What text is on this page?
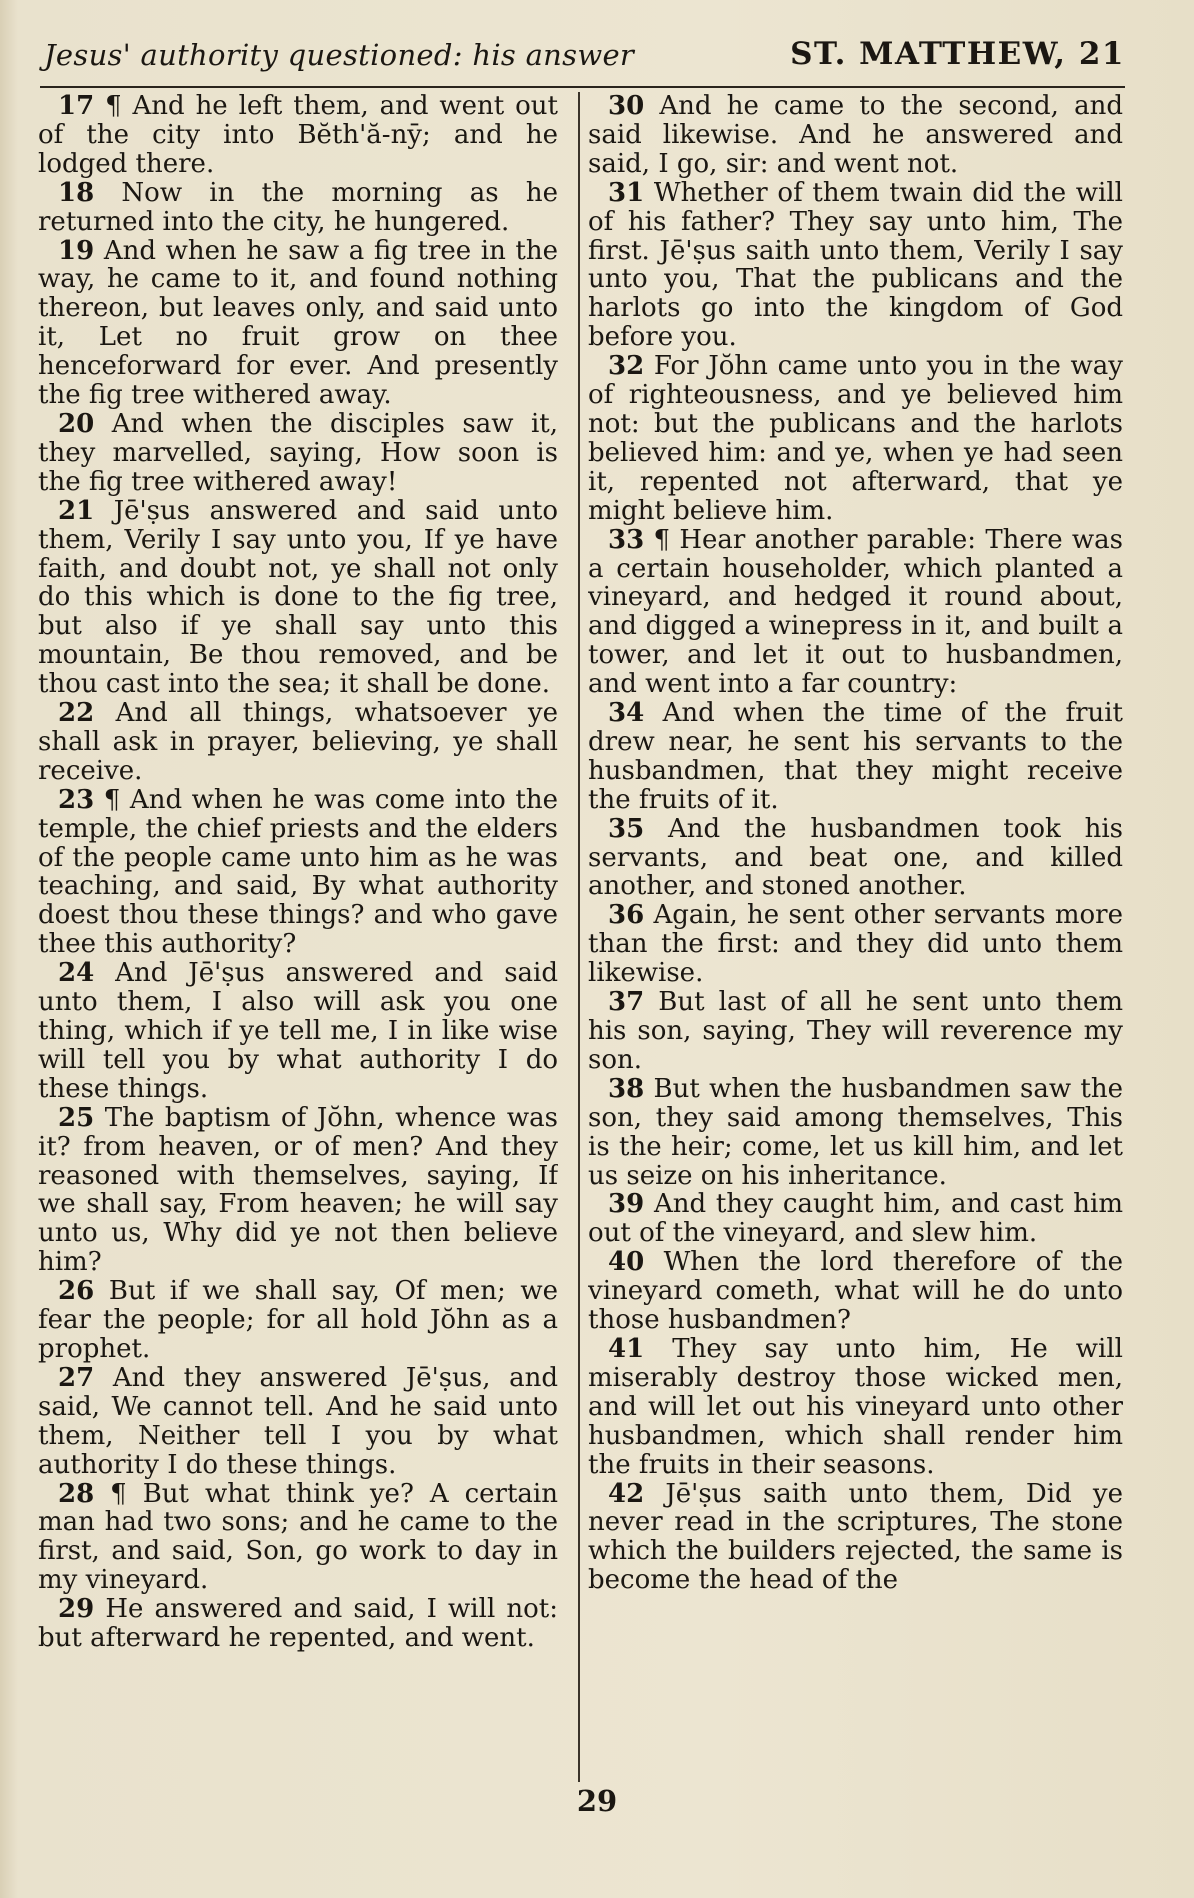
Jesus' authority questioned: his answer	ST. MATTHEW, 21

17 ¶ And he left them, and went out of the city into Bĕth'ă-nȳ; and he lodged there.

18 Now in the morning as he returned into the city, he hungered.

19 And when he saw a fig tree in the way, he came to it, and found nothing thereon, but leaves only, and said unto it, Let no fruit grow on thee henceforward for ever. And presently the fig tree withered away.

20 And when the disciples saw it, they marvelled, saying, How soon is the fig tree withered away!

21 Jē'ṣus answered and said unto them, Verily I say unto you, If ye have faith, and doubt not, ye shall not only do this which is done to the fig tree, but also if ye shall say unto this mountain, Be thou removed, and be thou cast into the sea; it shall be done.

22 And all things, whatsoever ye shall ask in prayer, believing, ye shall receive.

23 ¶ And when he was come into the temple, the chief priests and the elders of the people came unto him as he was teaching, and said, By what authority doest thou these things? and who gave thee this authority?

24 And Jē'ṣus answered and said unto them, I also will ask you one thing, which if ye tell me, I in like wise will tell you by what authority I do these things.

25 The baptism of Jŏhn, whence was it? from heaven, or of men? And they reasoned with themselves, saying, If we shall say, From heaven; he will say unto us, Why did ye not then believe him?

26 But if we shall say, Of men; we fear the people; for all hold Jŏhn as a prophet.

27 And they answered Jē'ṣus, and said, We cannot tell. And he said unto them, Neither tell I you by what authority I do these things.

28 ¶ But what think ye? A certain man had two sons; and he came to the first, and said, Son, go work to day in my vineyard.

29 He answered and said, I will not: but afterward he repented, and went.

30 And he came to the second, and said likewise. And he answered and said, I go, sir: and went not.

31 Whether of them twain did the will of his father? They say unto him, The first. Jē'ṣus saith unto them, Verily I say unto you, That the publicans and the harlots go into the kingdom of God before you.

32 For Jŏhn came unto you in the way of righteousness, and ye believed him not: but the publicans and the harlots believed him: and ye, when ye had seen it, repented not afterward, that ye might believe him.

33 ¶ Hear another parable: There was a certain householder, which planted a vineyard, and hedged it round about, and digged a winepress in it, and built a tower, and let it out to husbandmen, and went into a far country:

34 And when the time of the fruit drew near, he sent his servants to the husbandmen, that they might receive the fruits of it.

35 And the husbandmen took his servants, and beat one, and killed another, and stoned another.

36 Again, he sent other servants more than the first: and they did unto them likewise.

37 But last of all he sent unto them his son, saying, They will reverence my son.

38 But when the husbandmen saw the son, they said among themselves, This is the heir; come, let us kill him, and let us seize on his inheritance.

39 And they caught him, and cast him out of the vineyard, and slew him.

40 When the lord therefore of the vineyard cometh, what will he do unto those husbandmen?

41 They say unto him, He will miserably destroy those wicked men, and will let out his vineyard unto other husbandmen, which shall render him the fruits in their seasons.

42 Jē'ṣus saith unto them, Did ye never read in the scriptures, The stone which the builders rejected, the same is become the head of the

29
